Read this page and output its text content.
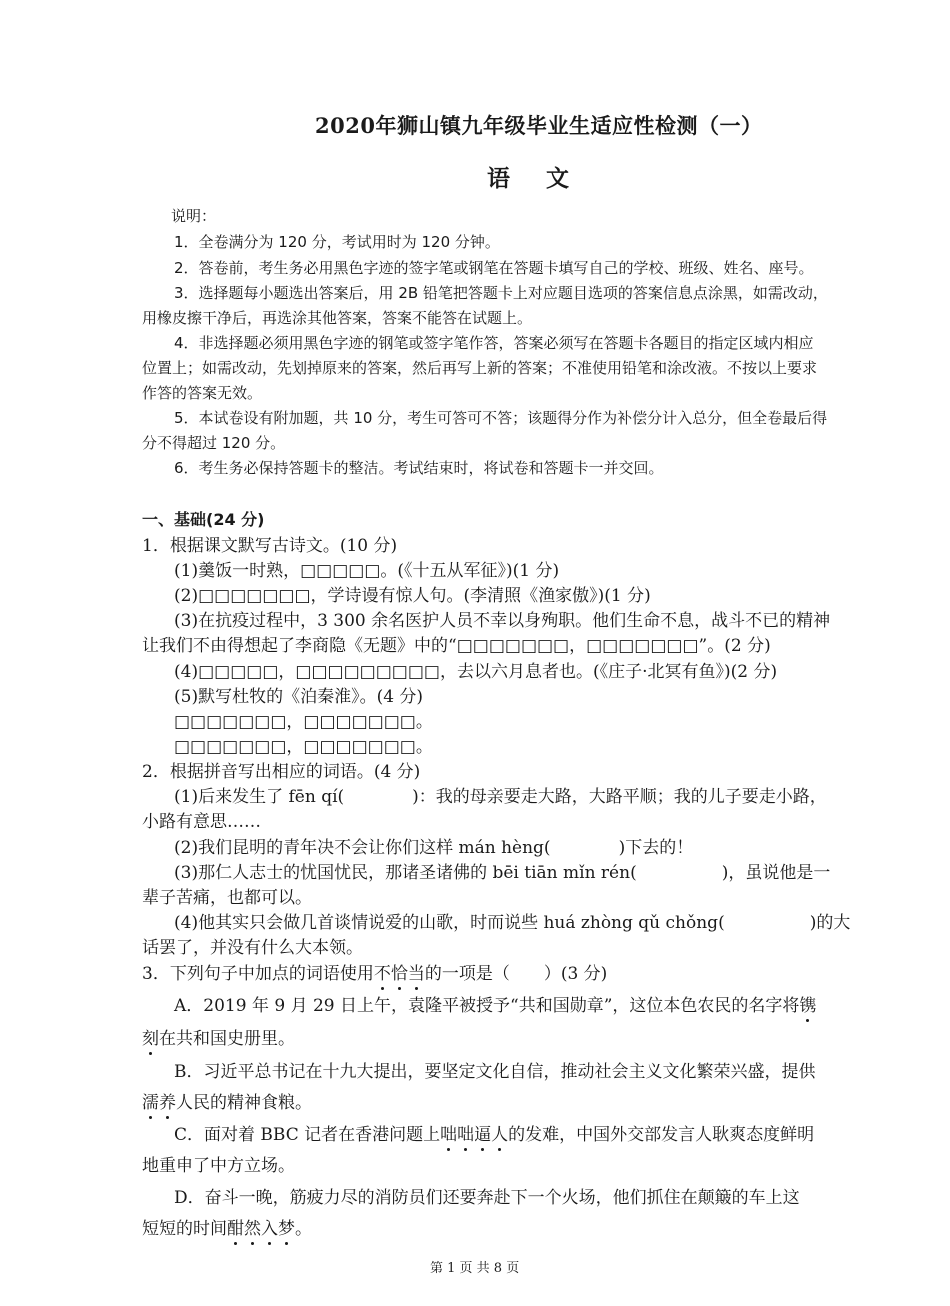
2020年狮山镇九年级毕业生适应性检测（一）
语 文
说明：
1．全卷满分为 120 分，考试用时为 120 分钟。
2．答卷前，考生务必用黑色字迹的签字笔或钢笔在答题卡填写自己的学校、班级、姓名、座号。
3．选择题每小题选出答案后，用 2B 铅笔把答题卡上对应题目选项的答案信息点涂黑，如需改动，
用橡皮擦干净后，再选涂其他答案，答案不能答在试题上。
4．非选择题必须用黑色字迹的钢笔或签字笔作答，答案必须写在答题卡各题目的指定区域内相应
位置上；如需改动，先划掉原来的答案，然后再写上新的答案；不准使用铅笔和涂改液。不按以上要求
作答的答案无效。
5．本试卷设有附加题，共 10 分，考生可答可不答；该题得分作为补偿分计入总分，但全卷最后得
分不得超过 120 分。
6．考生务必保持答题卡的整洁。考试结束时，将试卷和答题卡一并交回。
一、基础(24 分)
1．根据课文默写古诗文。(10 分)
(1)羹饭一时熟，□□□□□。(《十五从军征》)(1 分)
(2)□□□□□□□，学诗谩有惊人句。(李清照《渔家傲》)(1 分)
(3)在抗疫过程中，3 300 余名医护人员不幸以身殉职。他们生命不息，战斗不已的精神
让我们不由得想起了李商隐《无题》中的“□□□□□□□，□□□□□□□”。(2 分)
(4)□□□□□，□□□□□□□□□，去以六月息者也。(《庄子·北冥有鱼》)(2 分)
(5)默写杜牧的《泊秦淮》。(4 分)
□□□□□□□，□□□□□□□。
□□□□□□□，□□□□□□□。
2．根据拼音写出相应的词语。(4 分)
(1)后来发生了 fēn qí(　　　　)：我的母亲要走大路，大路平顺；我的儿子要走小路，
小路有意思……
(2)我们昆明的青年决不会让你们这样 mán hèng(　　　　)下去的！
(3)那仁人志士的忧国忧民，那诸圣诸佛的 bēi tiān mǐn rén(　　　　　)，虽说他是一
辈子苦痛，也都可以。
(4)他其实只会做几首谈情说爱的山歌，时而说些 huá zhòng qǔ chǒng(　　　　　)的大
话罢了，并没有什么大本领。
3．下列句子中加点的词语使用不恰当的一项是（　　）(3 分)
A．2019 年 9 月 29 日上午，袁隆平被授予“共和国勋章”，这位本色农民的名字将镌
刻在共和国史册里。
B．习近平总书记在十九大提出，要坚定文化自信，推动社会主义文化繁荣兴盛，提供
濡养人民的精神食粮。
C．面对着 BBC 记者在香港问题上咄咄逼人的发难，中国外交部发言人耿爽态度鲜明
地重申了中方立场。
D．奋斗一晚，筋疲力尽的消防员们还要奔赴下一个火场，他们抓住在颠簸的车上这
短短的时间酣然入梦。
第 1 页 共 8 页
